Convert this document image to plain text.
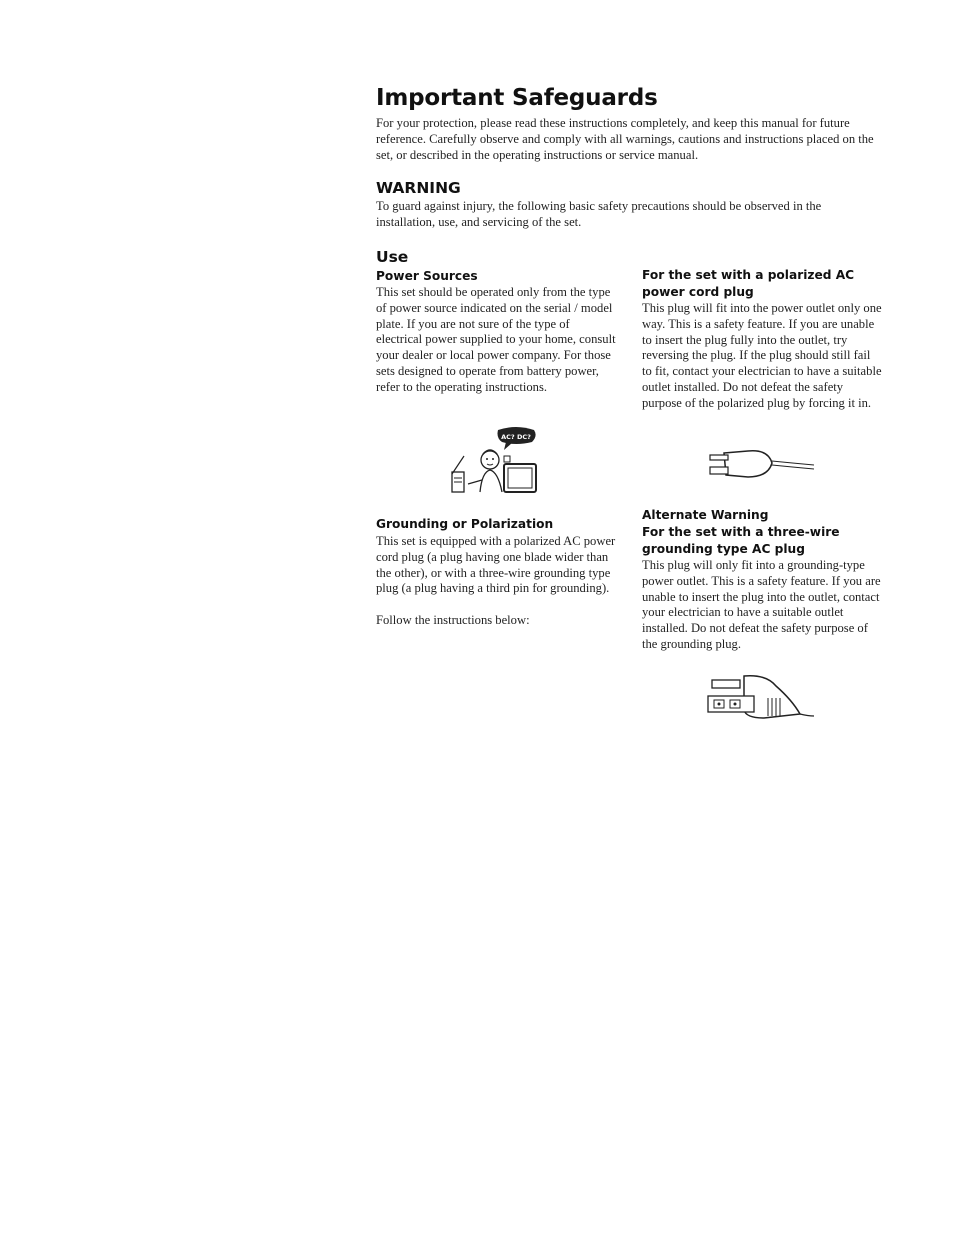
Important Safeguards
For your protection, please read these instructions completely, and keep this manual for future reference. Carefully observe and comply with all warnings, cautions and instructions placed on the set, or described in the operating instructions or service manual.
WARNING
To guard against injury, the following basic safety precautions should be observed in the installation, use, and servicing of the set.
Use
Power Sources
This set should be operated only from the type of power source indicated on the serial / model plate. If you are not sure of the type of electrical power supplied to your home, consult your dealer or local power company. For those sets designed to operate from battery power, refer to the operating instructions.
AC? DC?
Grounding or Polarization
This set is equipped with a polarized AC power cord plug (a plug having one blade wider than the other), or with a three-wire grounding type plug (a plug having a third pin for grounding).
Follow the instructions below:
For the set with a polarized AC power cord plug
This plug will fit into the power outlet only one way. This is a safety feature. If you are unable to insert the plug fully into the outlet, try reversing the plug. If the plug should still fail to fit, contact your electrician to have a suitable outlet installed. Do not defeat the safety purpose of the polarized plug by forcing it in.
Alternate Warning
For the set with a three-wire grounding type AC plug
This plug will only fit into a grounding-type power outlet. This is a safety feature. If you are unable to insert the plug into the outlet, contact your electrician to have a suitable outlet installed. Do not defeat the safety purpose of the grounding plug.
